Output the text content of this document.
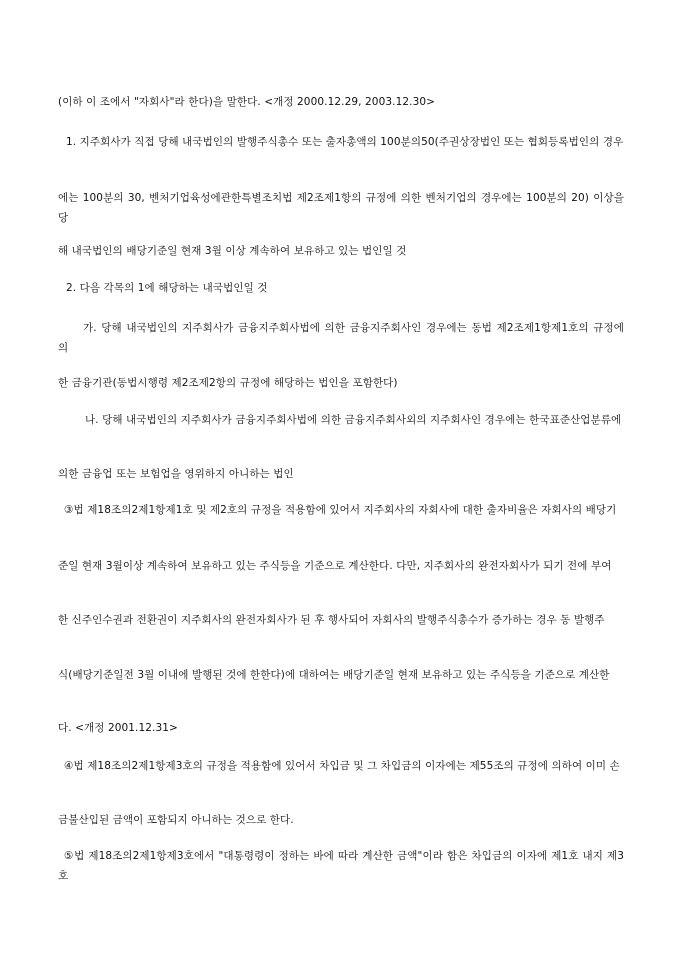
(이하 이 조에서 "자회사"라 한다)을 말한다. <개정 2000.12.29, 2003.12.30>

1. 지주회사가 직접 당해 내국법인의 발행주식총수 또는 출자총액의 100분의50(주권상장법인 또는 협회등록법인의 경우

에는 100분의 30, 벤처기업육성에관한특별조치법 제2조제1항의 규정에 의한 벤처기업의 경우에는 100분의 20) 이상을 당

해 내국법인의 배당기준일 현재 3월 이상 계속하여 보유하고 있는 법인일 것

2. 다음 각목의 1에 해당하는 내국법인일 것

가. 당해 내국법인의 지주회사가 금융지주회사법에 의한 금융지주회사인 경우에는 동법 제2조제1항제1호의 규정에 의

한 금융기관(동법시행령 제2조제2항의 규정에 해당하는 법인을 포함한다)

나. 당해 내국법인의 지주회사가 금융지주회사법에 의한 금융지주회사외의 지주회사인 경우에는 한국표준산업분류에

의한 금융업 또는 보험업을 영위하지 아니하는 법인

③법 제18조의2제1항제1호 및 제2호의 규정을 적용함에 있어서 지주회사의 자회사에 대한 출자비율은 자회사의 배당기

준일 현재 3월이상 계속하여 보유하고 있는 주식등을 기준으로 계산한다. 다만, 지주회사의 완전자회사가 되기 전에 부여

한 신주인수권과 전환권이 지주회사의 완전자회사가 된 후 행사되어 자회사의 발행주식총수가 증가하는 경우 동 발행주

식(배당기준일전 3월 이내에 발행된 것에 한한다)에 대하여는 배당기준일 현재 보유하고 있는 주식등을 기준으로 계산한

다. <개정 2001.12.31>

④법 제18조의2제1항제3호의 규정을 적용함에 있어서 차입금 및 그 차입금의 이자에는 제55조의 규정에 의하여 이미 손

금불산입된 금액이 포함되지 아니하는 것으로 한다.

⑤법 제18조의2제1항제3호에서 "대통령령이 정하는 바에 따라 계산한 금액"이라 함은 차입금의 이자에 제1호 내지 제3호
